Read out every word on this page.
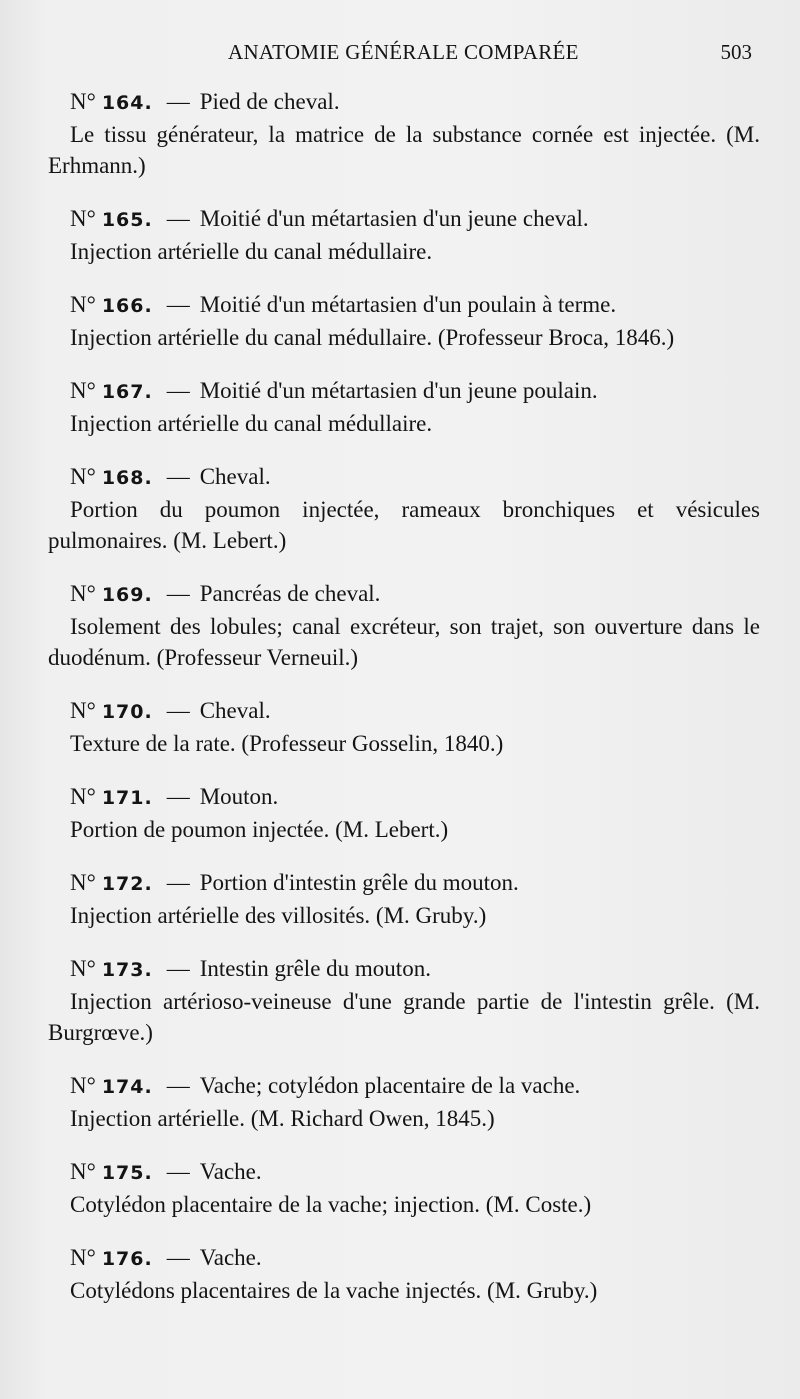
ANATOMIE GÉNÉRALE COMPARÉE	503
N° 164. — Pied de cheval.
Le tissu générateur, la matrice de la substance cornée est injectée. (M. Erhmann.)
N° 165. — Moitié d'un métartasien d'un jeune cheval.
Injection artérielle du canal médullaire.
N° 166. — Moitié d'un métartasien d'un poulain à terme.
Injection artérielle du canal médullaire. (Professeur Broca, 1846.)
N° 167. — Moitié d'un métartasien d'un jeune poulain.
Injection artérielle du canal médullaire.
N° 168. — Cheval.
Portion du poumon injectée, rameaux bronchiques et vésicules pulmonaires. (M. Lebert.)
N° 169. — Pancréas de cheval.
Isolement des lobules; canal excréteur, son trajet, son ouverture dans le duodénum. (Professeur Verneuil.)
N° 170. — Cheval.
Texture de la rate. (Professeur Gosselin, 1840.)
N° 171. — Mouton.
Portion de poumon injectée. (M. Lebert.)
N° 172. — Portion d'intestin grêle du mouton.
Injection artérielle des villosités. (M. Gruby.)
N° 173. — Intestin grêle du mouton.
Injection artérioso-veineuse d'une grande partie de l'intestin grêle. (M. Burgrœve.)
N° 174. — Vache; cotylédon placentaire de la vache.
Injection artérielle. (M. Richard Owen, 1845.)
N° 175. — Vache.
Cotylédon placentaire de la vache; injection. (M. Coste.)
N° 176. — Vache.
Cotylédons placentaires de la vache injectés. (M. Gruby.)
